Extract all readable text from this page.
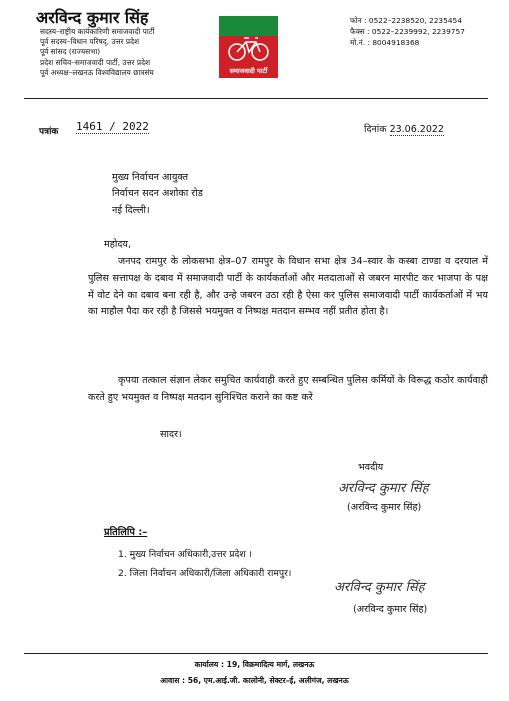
अरविन्द कुमार सिंह
सदस्य–राष्ट्रीय कार्यकारिणी समाजवादी पार्टी
पूर्व सदस्य–विधान परिषद्, उत्तर प्रदेश
पूर्व सांसद (राज्यसभा)
प्रदेश सचिव–समाजवादी पार्टी, उत्तर प्रदेश
पूर्व अध्यक्ष–लखनऊ विश्वविद्यालय छात्रसंघ	समाजवादी पार्टी
फोन : 0522–2238520, 2235454
फैक्स : 0522–2239992, 2239757
मो.नं. : 8004918368
पत्रांक 1461 / 2022	दिनांक 23.06.2022
मुख्य निर्वाचन आयुक्त
निर्वाचन सदन अशोका रोड
नई दिल्ली।
महोदय,
जनपद रामपुर के लोकसभा क्षेत्र–07 रामपुर के विधान सभा क्षेत्र 34–स्वार के कस्बा टाण्डा व दरयाल में पुलिस सत्तापक्ष के दबाव में समाजवादी पार्टी के कार्यकर्ताओं और मतदाताओं से जबरन मारपीट कर भाजपा के पक्ष में वोट देने का दबाव बना रही है, और उन्हे जबरन उठा रही है ऐसा कर पुलिस समाजवादी पार्टी कार्यकर्ताओं में भय का माहौल पैदा कर रही है जिससे भयमुक्त व निष्पक्ष मतदान सम्भव नहीं प्रतीत होता है।
कृपया तत्काल संज्ञान लेकर समुचित कार्यवाही करते हुए सम्बन्धित पुलिस कर्मियों के विरूद्ध कठोर कार्यवाही करते हुए भयमुक्त व निष्पक्ष मतदान सुनिश्चित कराने का कष्ट करें
सादर।
भवदीय
अरविन्द कुमार सिंह
(अरविन्द कुमार सिंह)
प्रतिलिपि :–
1. मुख्य निर्वाचन अधिकारी,उत्तर प्रदेश ।
2. जिला निर्वाचन अधिकारी/जिला अधिकारी रामपुर।
अरविन्द कुमार सिंह
(अरविन्द कुमार सिंह)
कार्यालय : 19, विक्रमादित्य मार्ग, लखनऊ
आवास : 56, एम.आई.जी. कालोनी, सेक्टर–ई, अलीगंज, लखनऊ
